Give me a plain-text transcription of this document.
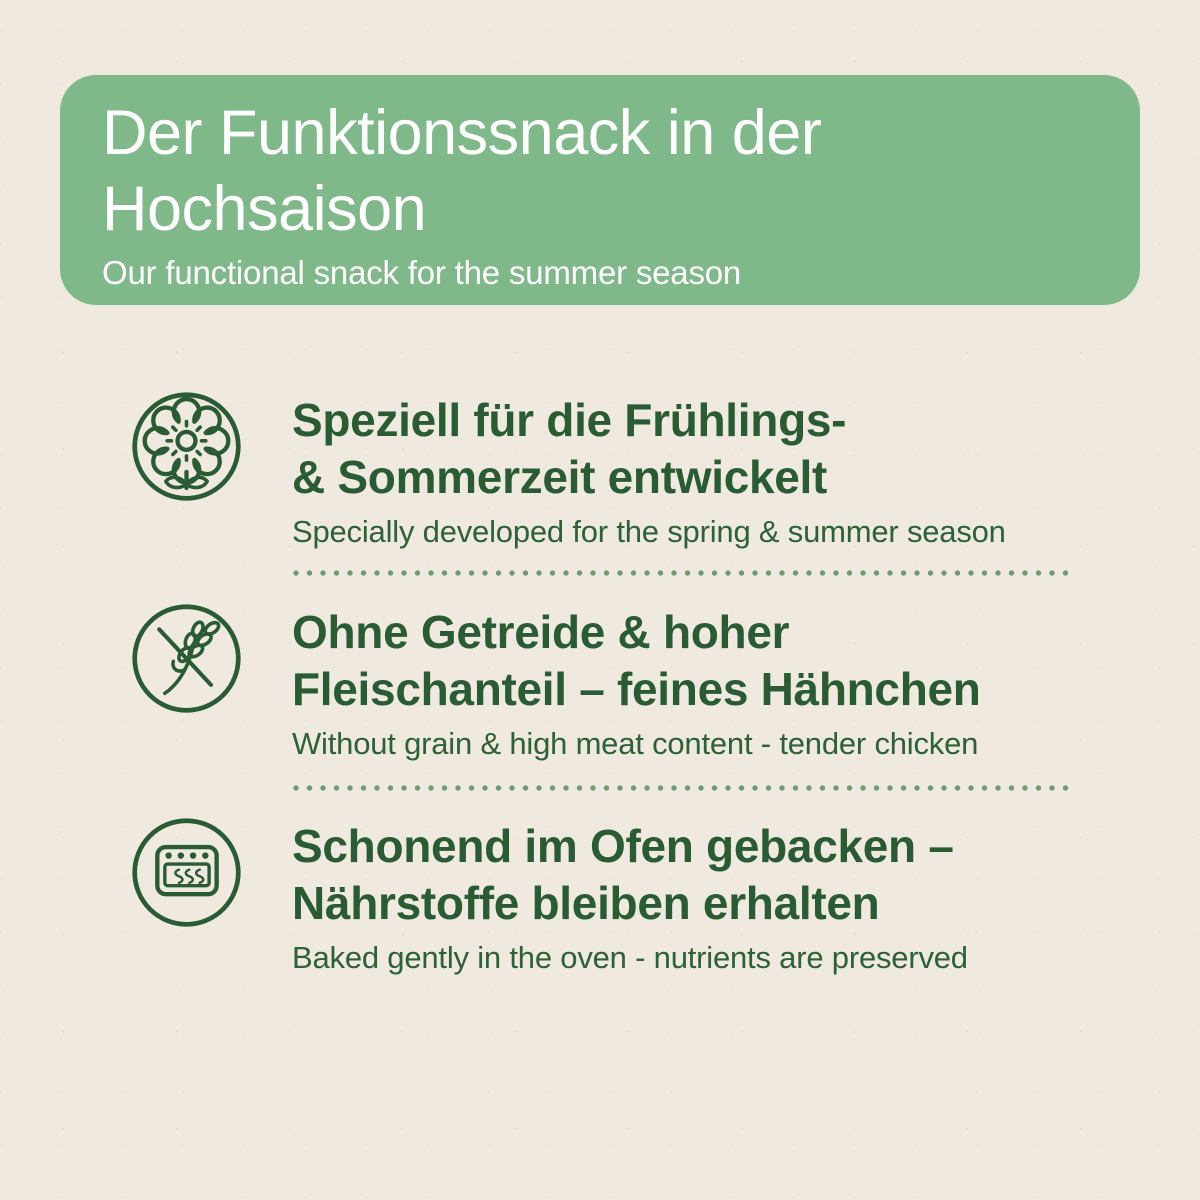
Der Funktionssnack in der
Hochsaison

Our functional snack for the summer season

Speziell für die Frühlings-
& Sommerzeit entwickelt

Specially developed for the spring & summer season

Ohne Getreide & hoher
Fleischanteil – feines Hähnchen

Without grain & high meat content - tender chicken

Schonend im Ofen gebacken –
Nährstoffe bleiben erhalten

Baked gently in the oven - nutrients are preserved
